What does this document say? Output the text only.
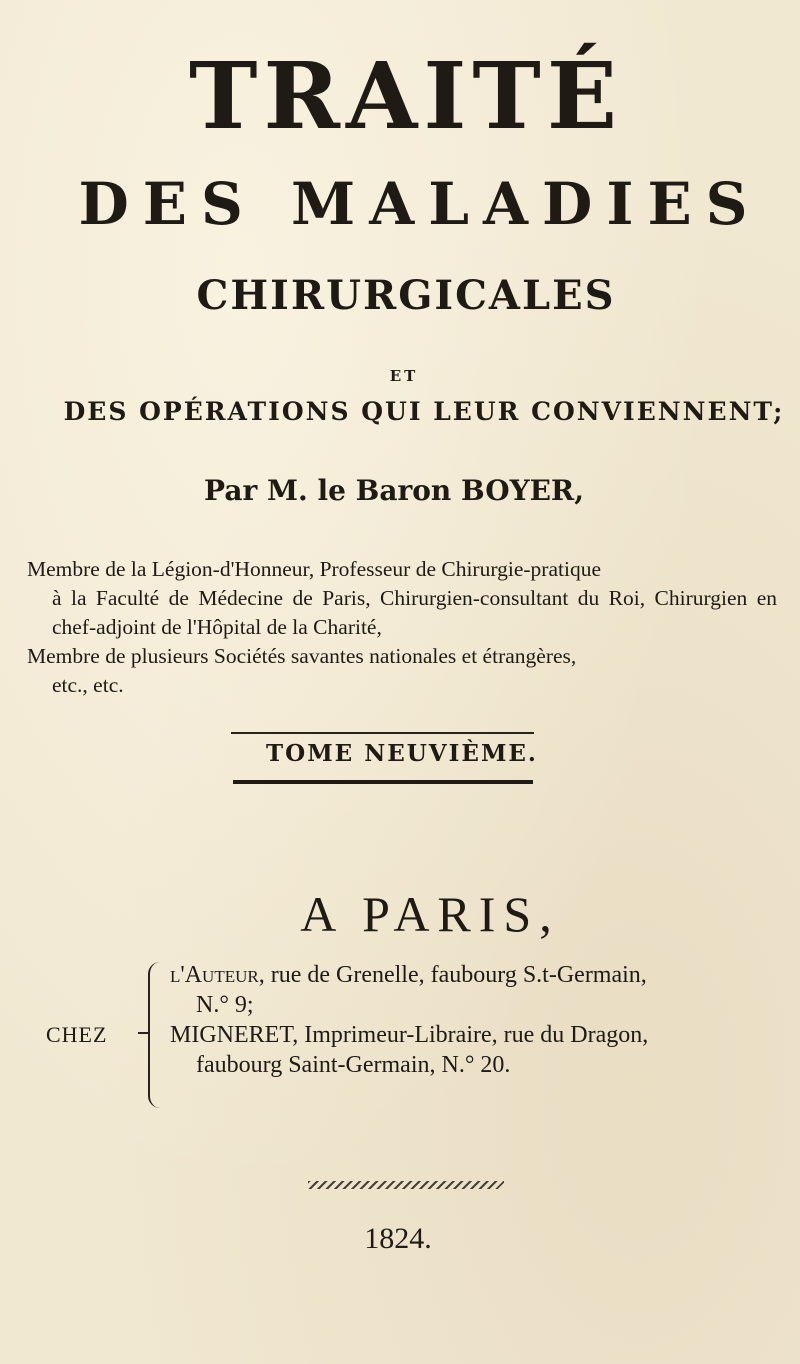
TRAITÉ
DES MALADIES
CHIRURGICALES
ET
DES OPÉRATIONS QUI LEUR CONVIENNENT;
Par M. le Baron BOYER,
Membre de la Légion-d'Honneur, Professeur de Chirurgie-pratique
à la Faculté de Médecine de Paris, Chirurgien-consultant du Roi, Chirurgien en chef-adjoint de l'Hôpital de la Charité,
Membre de plusieurs Sociétés savantes nationales et étrangères,
etc., etc.
TOME NEUVIÈME.
A PARIS,
CHEZ
l'Auteur, rue de Grenelle, faubourg S.t-Germain,
N.° 9;
MIGNERET, Imprimeur-Libraire, rue du Dragon,
faubourg Saint-Germain, N.° 20.
1824.
